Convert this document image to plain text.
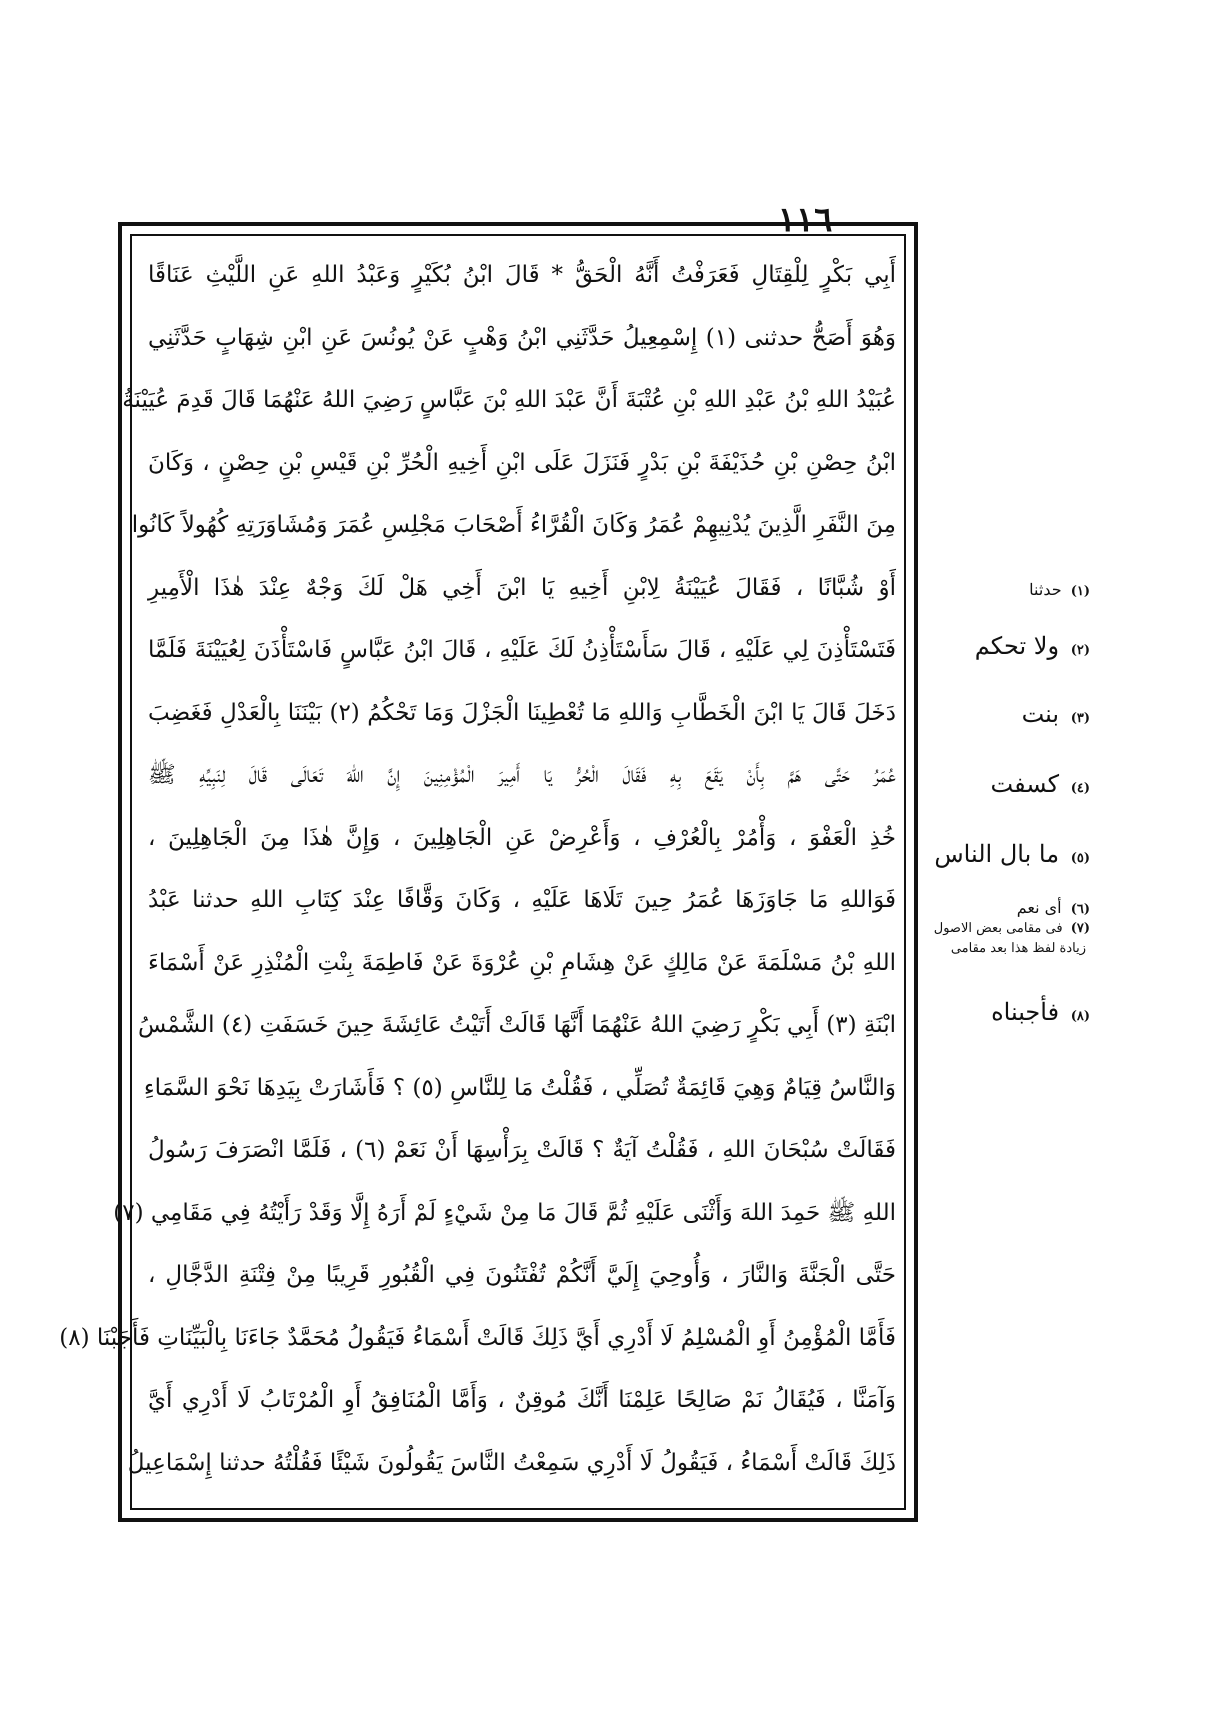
١١٦
أَبِي بَكْرٍ لِلْقِتَالِ فَعَرَفْتُ أَنَّهُ الْحَقُّ * قَالَ ابْنُ بُكَيْرٍ وَعَبْدُ اللهِ عَنِ اللَّيْثِ عَنَاقًا
وَهُوَ أَصَحُّ حدثنى (١) إِسْمِعِيلُ حَدَّثَنِي ابْنُ وَهْبٍ عَنْ يُونُسَ عَنِ ابْنِ شِهَابٍ حَدَّثَنِي
عُبَيْدُ اللهِ بْنُ عَبْدِ اللهِ بْنِ عُتْبَةَ أَنَّ عَبْدَ اللهِ بْنَ عَبَّاسٍ رَضِيَ اللهُ عَنْهُمَا قَالَ قَدِمَ عُيَيْنَةُ
ابْنُ حِصْنِ بْنِ حُذَيْفَةَ بْنِ بَدْرٍ فَنَزَلَ عَلَى ابْنِ أَخِيهِ الْحُرِّ بْنِ قَيْسِ بْنِ حِصْنٍ ، وَكَانَ
مِنَ النَّفَرِ الَّذِينَ يُدْنِيهِمْ عُمَرُ وَكَانَ الْقُرَّاءُ أَصْحَابَ مَجْلِسِ عُمَرَ وَمُشَاوَرَتِهِ كُهُولاً كَانُوا
أَوْ شُبَّانًا ، فَقَالَ عُيَيْنَةُ لِابْنِ أَخِيهِ يَا ابْنَ أَخِي هَلْ لَكَ وَجْهٌ عِنْدَ هٰذَا الْأَمِيرِ
فَتَسْتَأْذِنَ لِي عَلَيْهِ ، قَالَ سَأَسْتَأْذِنُ لَكَ عَلَيْهِ ، قَالَ ابْنُ عَبَّاسٍ فَاسْتَأْذَنَ لِعُيَيْنَةَ فَلَمَّا
دَخَلَ قَالَ يَا ابْنَ الْخَطَّابِ وَاللهِ مَا تُعْطِينَا الْجَزْلَ وَمَا تَحْكُمُ (٢) بَيْنَنَا بِالْعَدْلِ فَغَضِبَ
عُمَرُ حَتَّى هَمَّ بِأَنْ يَقَعَ بِهِ فَقَالَ الْحُرُّ يَا أَمِيرَ الْمُؤْمِنِينَ إِنَّ اللهَ تَعَالَى قَالَ لِنَبِيِّهِ ﷺ
خُذِ الْعَفْوَ ، وَأْمُرْ بِالْعُرْفِ ، وَأَعْرِضْ عَنِ الْجَاهِلِينَ ، وَإِنَّ هٰذَا مِنَ الْجَاهِلِينَ ،
فَوَاللهِ مَا جَاوَزَهَا عُمَرُ حِينَ تَلَاهَا عَلَيْهِ ، وَكَانَ وَقَّافًا عِنْدَ كِتَابِ اللهِ حدثنا عَبْدُ
اللهِ بْنُ مَسْلَمَةَ عَنْ مَالِكٍ عَنْ هِشَامِ بْنِ عُرْوَةَ عَنْ فَاطِمَةَ بِنْتِ الْمُنْذِرِ عَنْ أَسْمَاءَ
ابْنَةِ (٣) أَبِي بَكْرٍ رَضِيَ اللهُ عَنْهُمَا أَنَّهَا قَالَتْ أَتَيْتُ عَائِشَةَ حِينَ خَسَفَتِ (٤) الشَّمْسُ
وَالنَّاسُ قِيَامٌ وَهِيَ قَائِمَةٌ تُصَلِّي ، فَقُلْتُ مَا لِلنَّاسِ (٥) ؟ فَأَشَارَتْ بِيَدِهَا نَحْوَ السَّمَاءِ
فَقَالَتْ سُبْحَانَ اللهِ ، فَقُلْتُ آيَةٌ ؟ قَالَتْ بِرَأْسِهَا أَنْ نَعَمْ (٦) ، فَلَمَّا انْصَرَفَ رَسُولُ
اللهِ ﷺ حَمِدَ اللهَ وَأَثْنَى عَلَيْهِ ثُمَّ قَالَ مَا مِنْ شَيْءٍ لَمْ أَرَهُ إِلَّا وَقَدْ رَأَيْتُهُ فِي مَقَامِي (٧)
حَتَّى الْجَنَّةَ وَالنَّارَ ، وَأُوحِيَ إِلَيَّ أَنَّكُمْ تُفْتَنُونَ فِي الْقُبُورِ قَرِيبًا مِنْ فِتْنَةِ الدَّجَّالِ ،
فَأَمَّا الْمُؤْمِنُ أَوِ الْمُسْلِمُ لَا أَدْرِي أَيَّ ذَلِكَ قَالَتْ أَسْمَاءُ فَيَقُولُ مُحَمَّدٌ جَاءَنَا بِالْبَيِّنَاتِ فَأَجَبْنَا (٨)
وَآمَنَّا ، فَيُقَالُ نَمْ صَالِحًا عَلِمْنَا أَنَّكَ مُوقِنٌ ، وَأَمَّا الْمُنَافِقُ أَوِ الْمُرْتَابُ لَا أَدْرِي أَيَّ
ذَلِكَ قَالَتْ أَسْمَاءُ ، فَيَقُولُ لَا أَدْرِي سَمِعْتُ النَّاسَ يَقُولُونَ شَيْئًا فَقُلْتُهُ حدثنا إِسْمَاعِيلُ
(١) حدثنا
(٢) ولا تحكم
(٣) بنت
(٤) كسفت
(٥) ما بال الناس
(٦) أى نعم
(٧) فى مقامى بعض الاصول
زيادة لفظ هذا بعد مقامى
(٨) فأجبناه
